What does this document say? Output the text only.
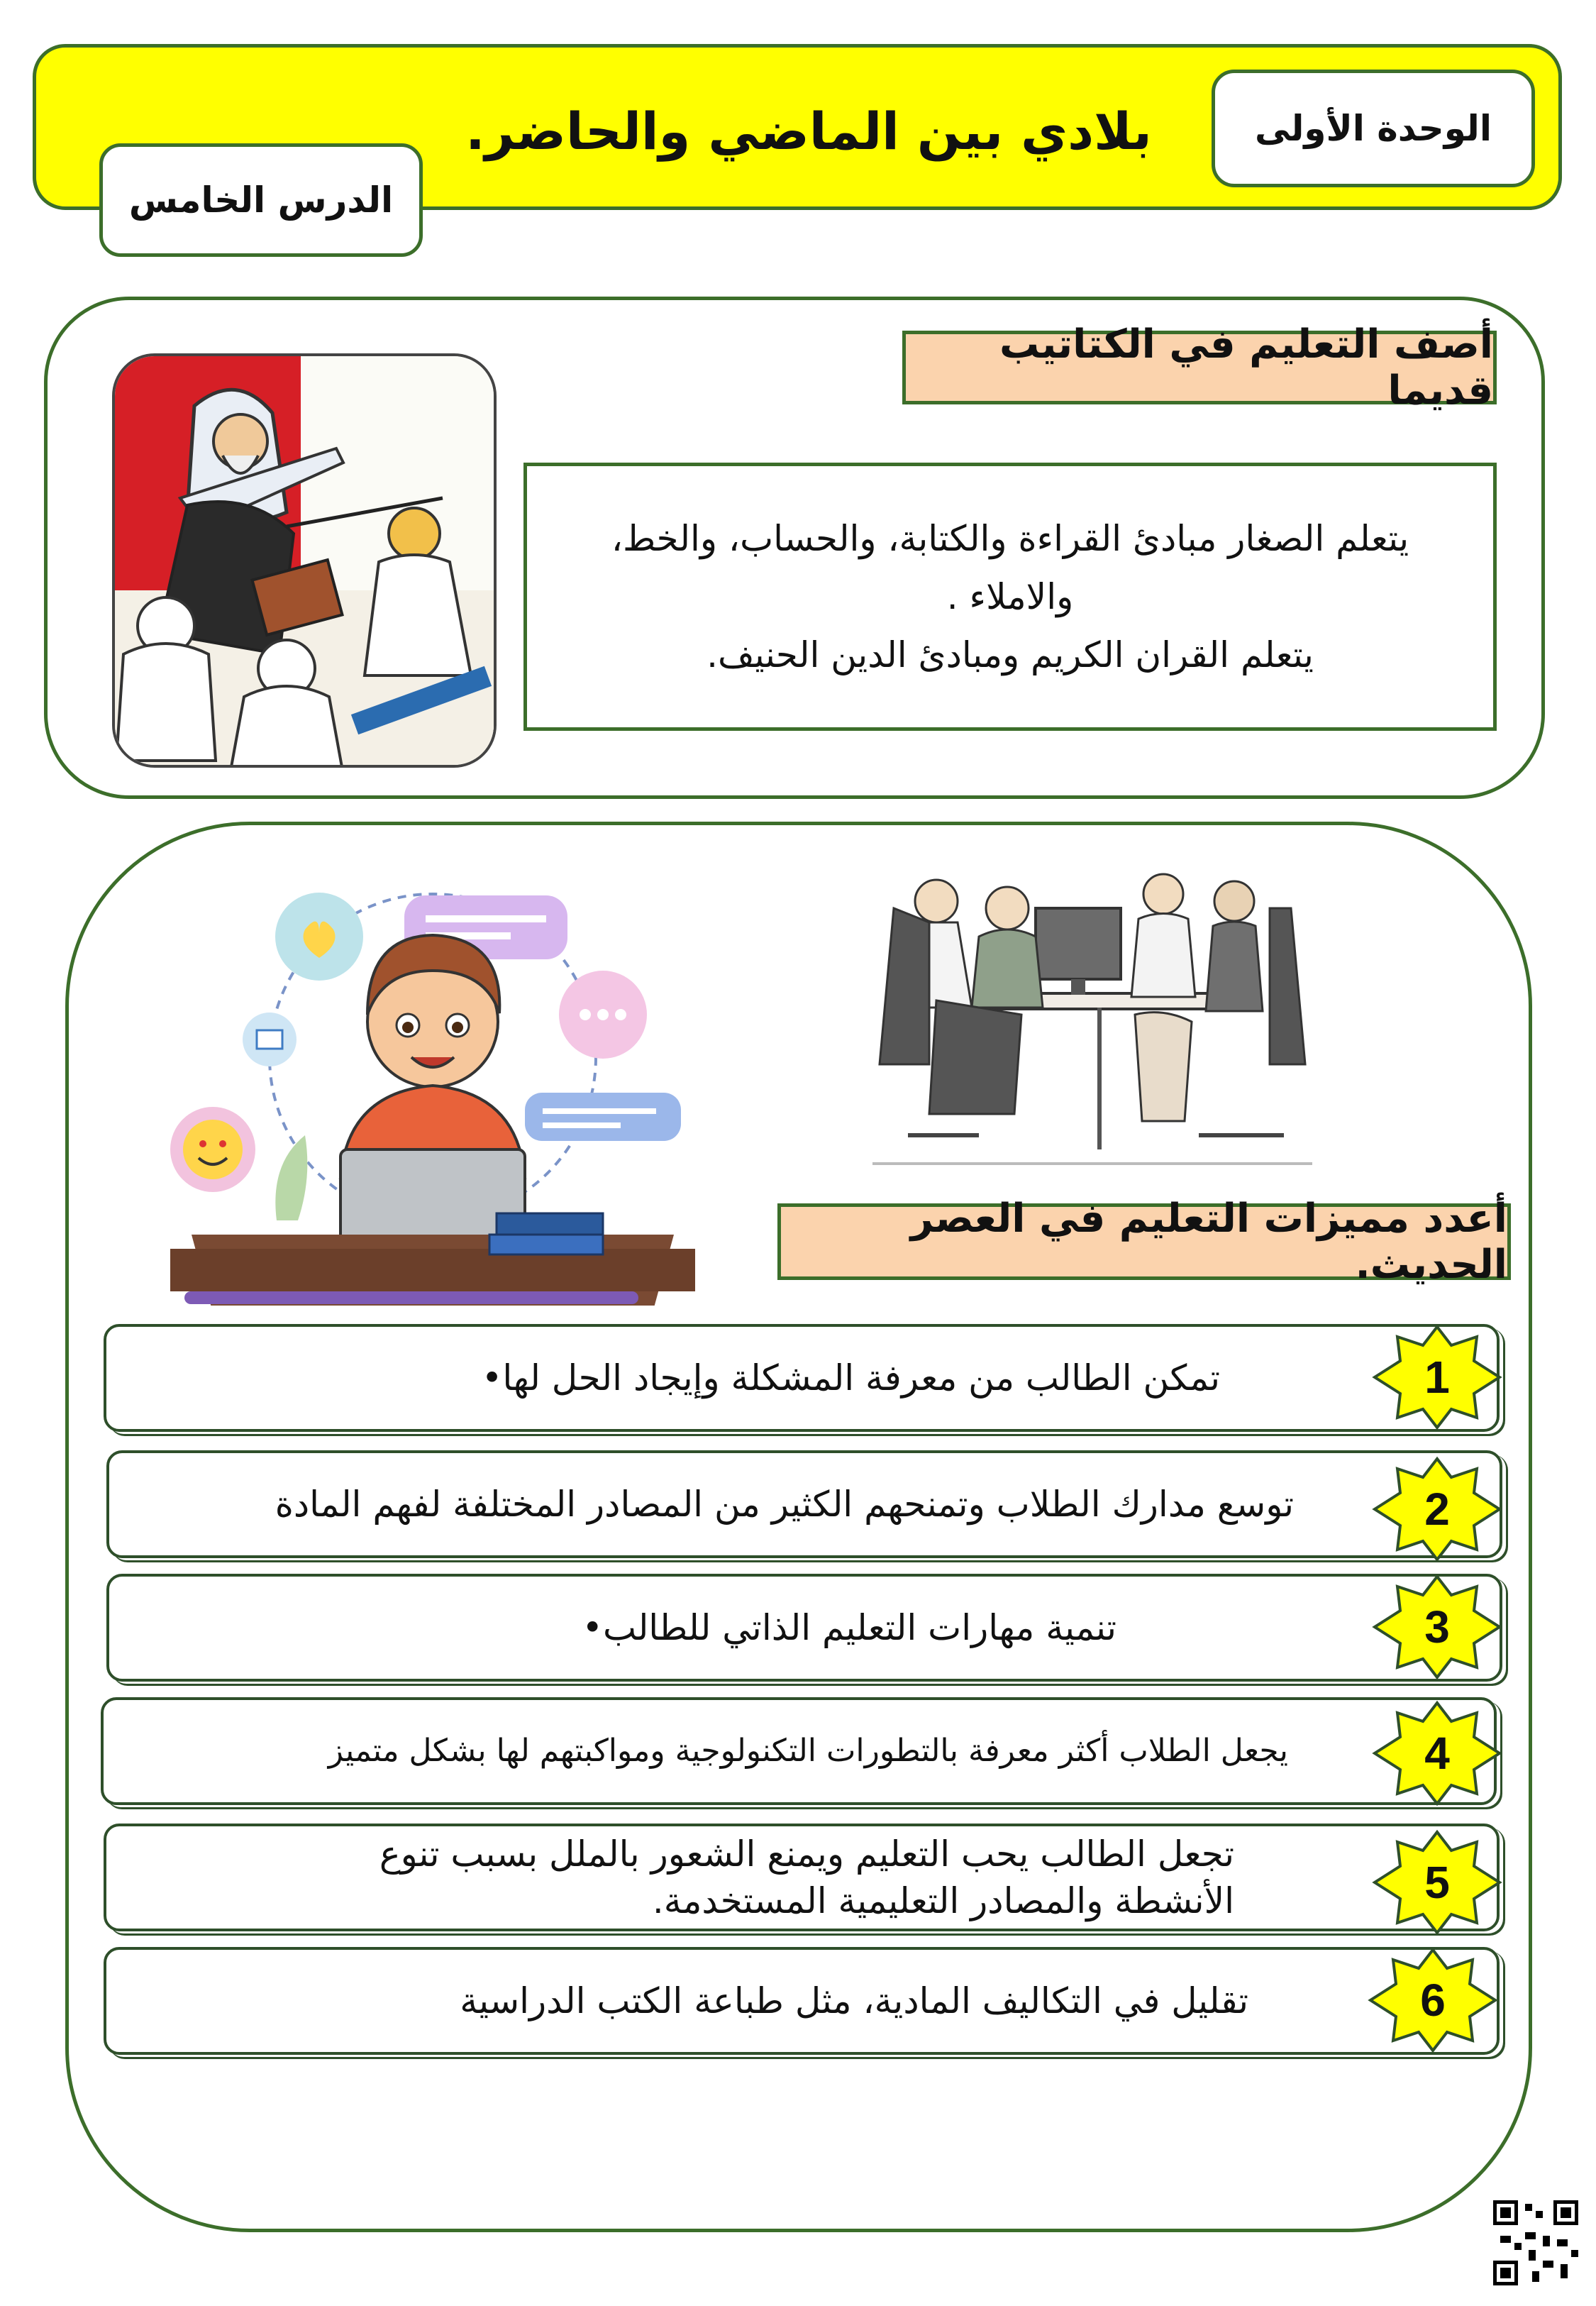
بلادي بين الماضي والحاضر.	الوحدة الأولى
الدرس الخامس
أصف التعليم في الكتاتيب قديما
يتعلم الصغار مبادئ القراءة والكتابة، والحساب، والخط،
والاملاء .
يتعلم القران الكريم ومبادئ الدين الحنيف.
أعدد مميزات التعليم في العصر الحديث.
تمكن الطالب من معرفة المشكلة وإيجاد الحل لها•
توسع مدارك الطلاب وتمنحهم الكثير من المصادر المختلفة لفهم المادة
تنمية مهارات التعليم الذاتي للطالب•
يجعل الطلاب أكثر معرفة بالتطورات التكنولوجية ومواكبتهم لها بشكل متميز
تجعل الطالب يحب التعليم ويمنع الشعور بالملل بسبب تنوع الأنشطة والمصادر التعليمية المستخدمة.
تقليل في التكاليف المادية، مثل طباعة الكتب الدراسية
1
2
3
4
5
6
